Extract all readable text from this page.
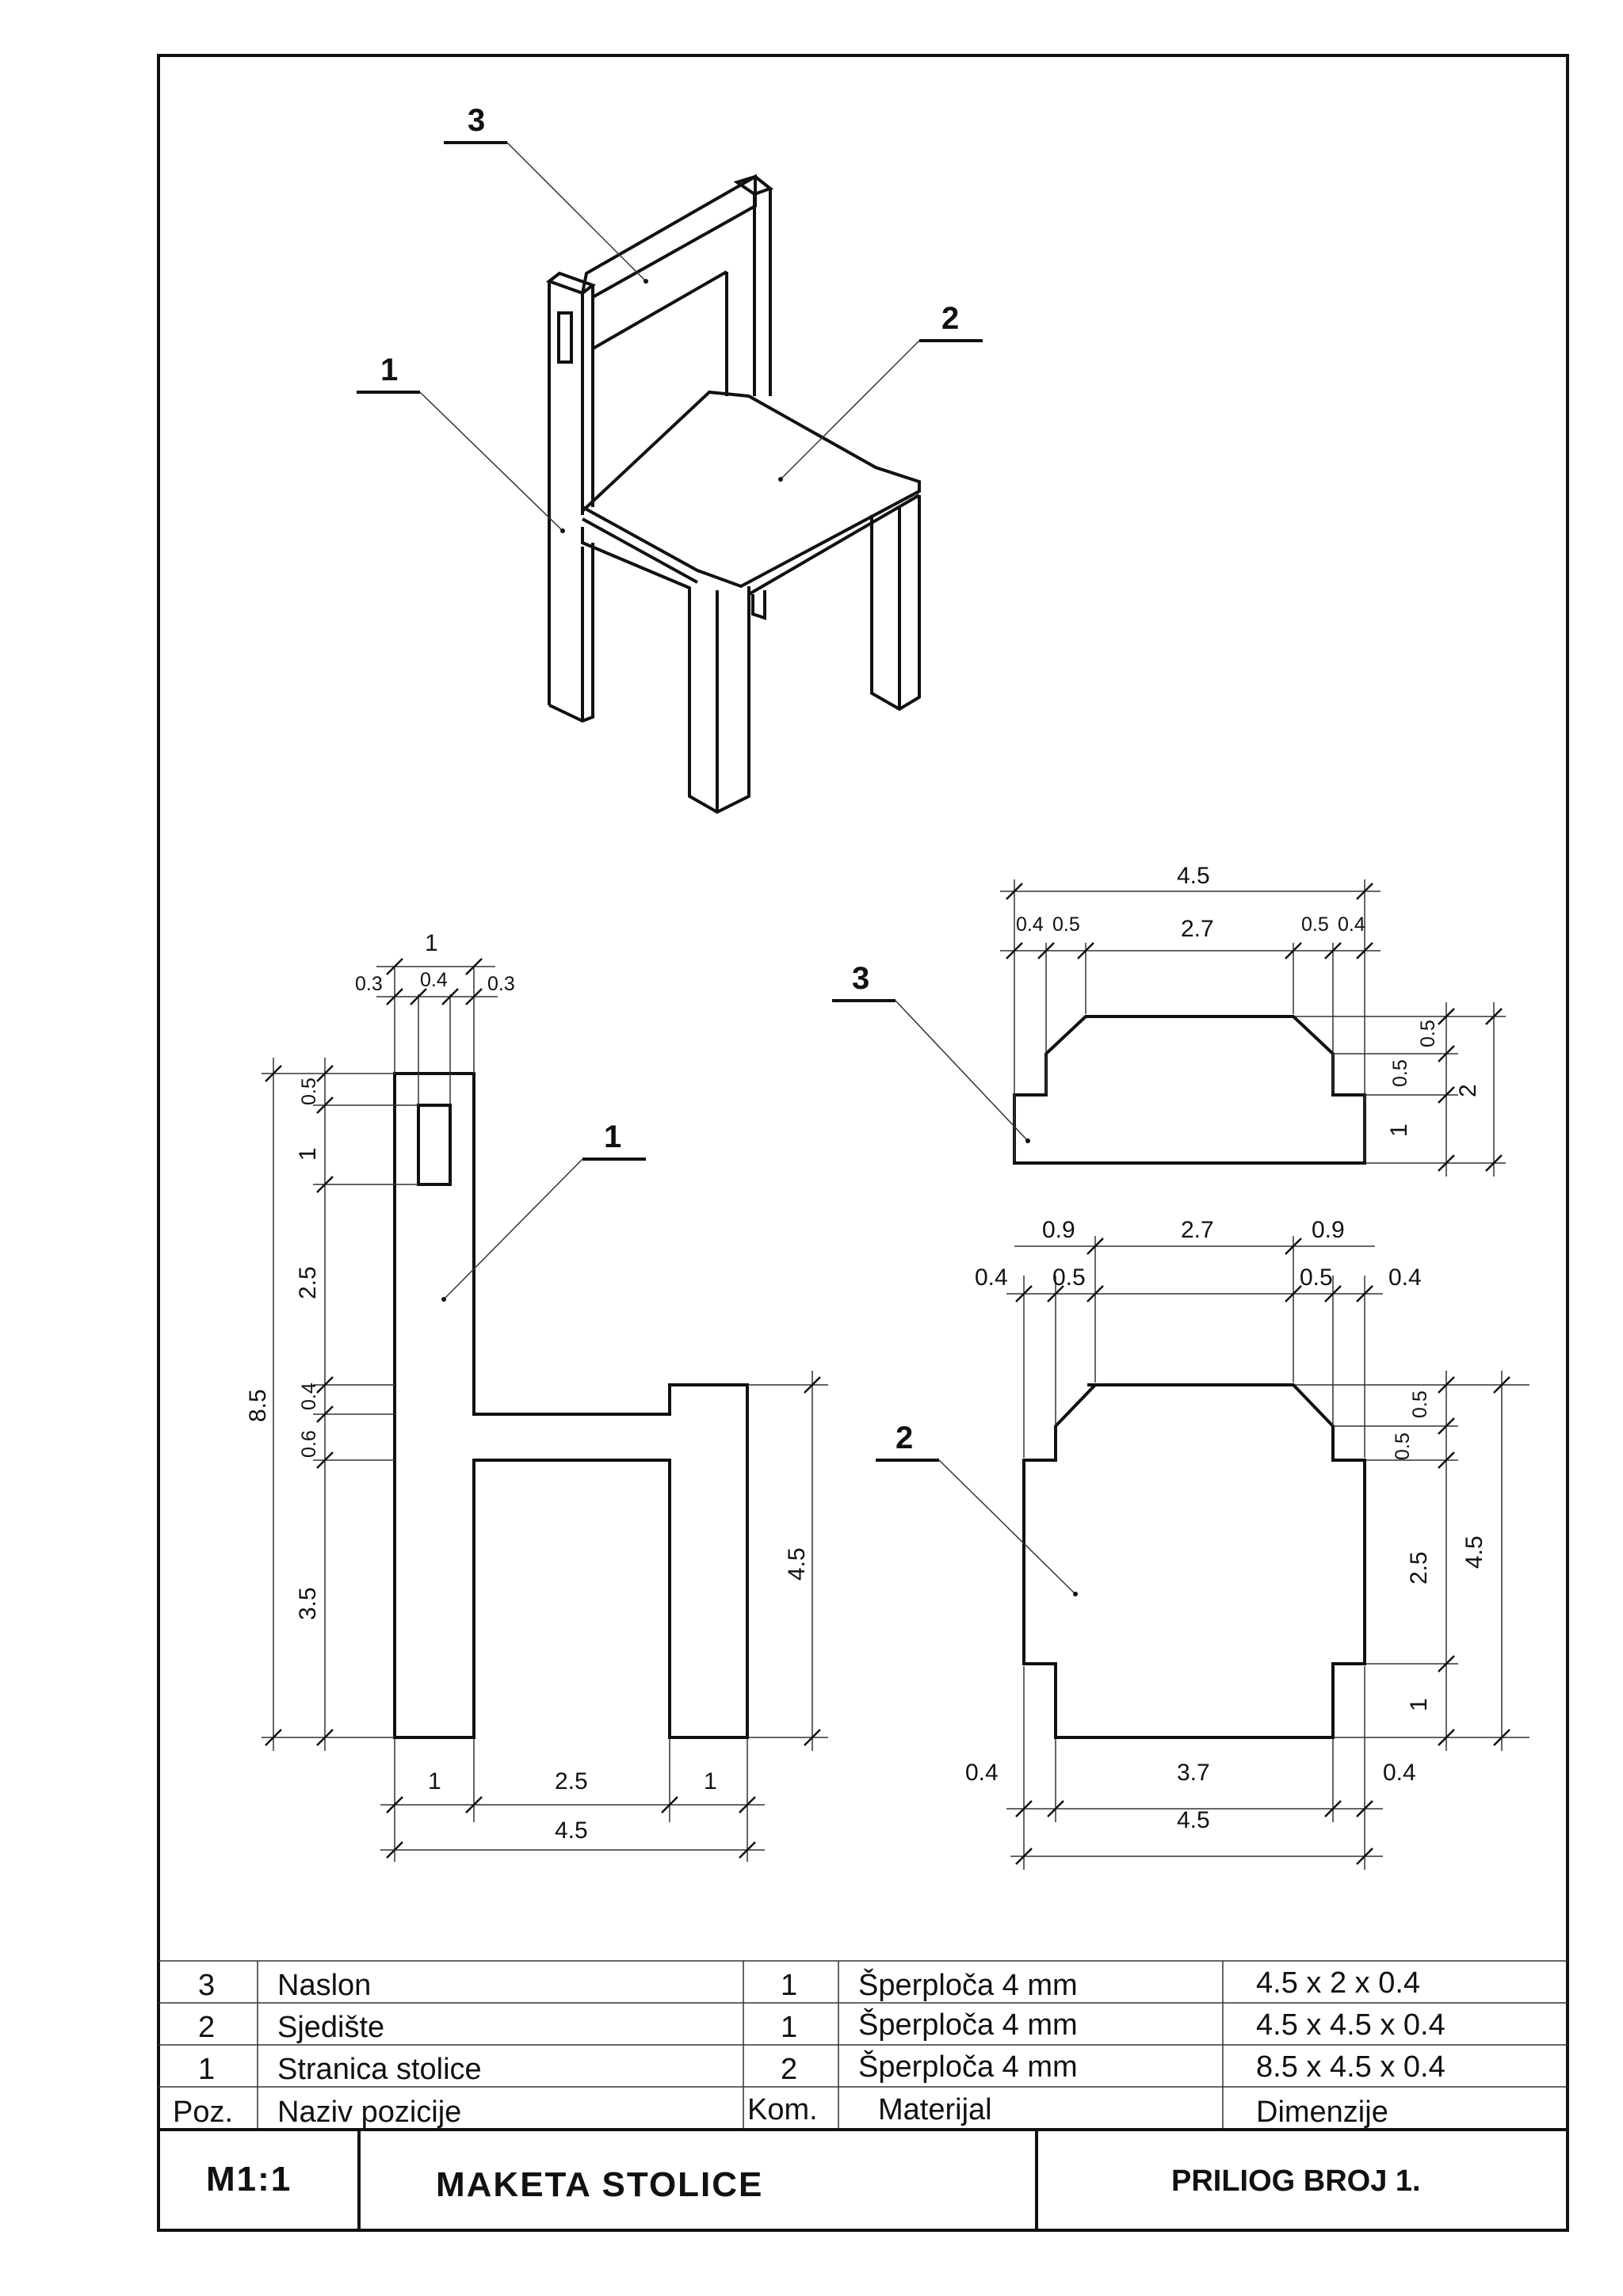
3
2
1
1
0.3 0.4 0.3
0.5
1
2.5
0.4
0.6
3.5
8.5
4.5
1	2.5	1
4.5
1
4.5
0.4 0.5	2.7	0.5 0.4
0.5
0.5
1
2
3
0.9	2.7	0.9
0.4 0.5	0.5 0.4
0.5
0.5
2.5
1
4.5
0.4	3.7	0.4
4.5
2
3 Naslon	1 Šperploča 4 mm	4.5 x 2 x 0.4
2 Sjedište	1 Šperploča 4 mm	4.5 x 4.5 x 0.4
1 Stranica stolice	2 Šperploča 4 mm	8.5 x 4.5 x 0.4
Poz. Naziv pozicije	Kom. Materijal	Dimenzije
M1:1	MAKETA STOLICE	PRILIOG BROJ 1.
